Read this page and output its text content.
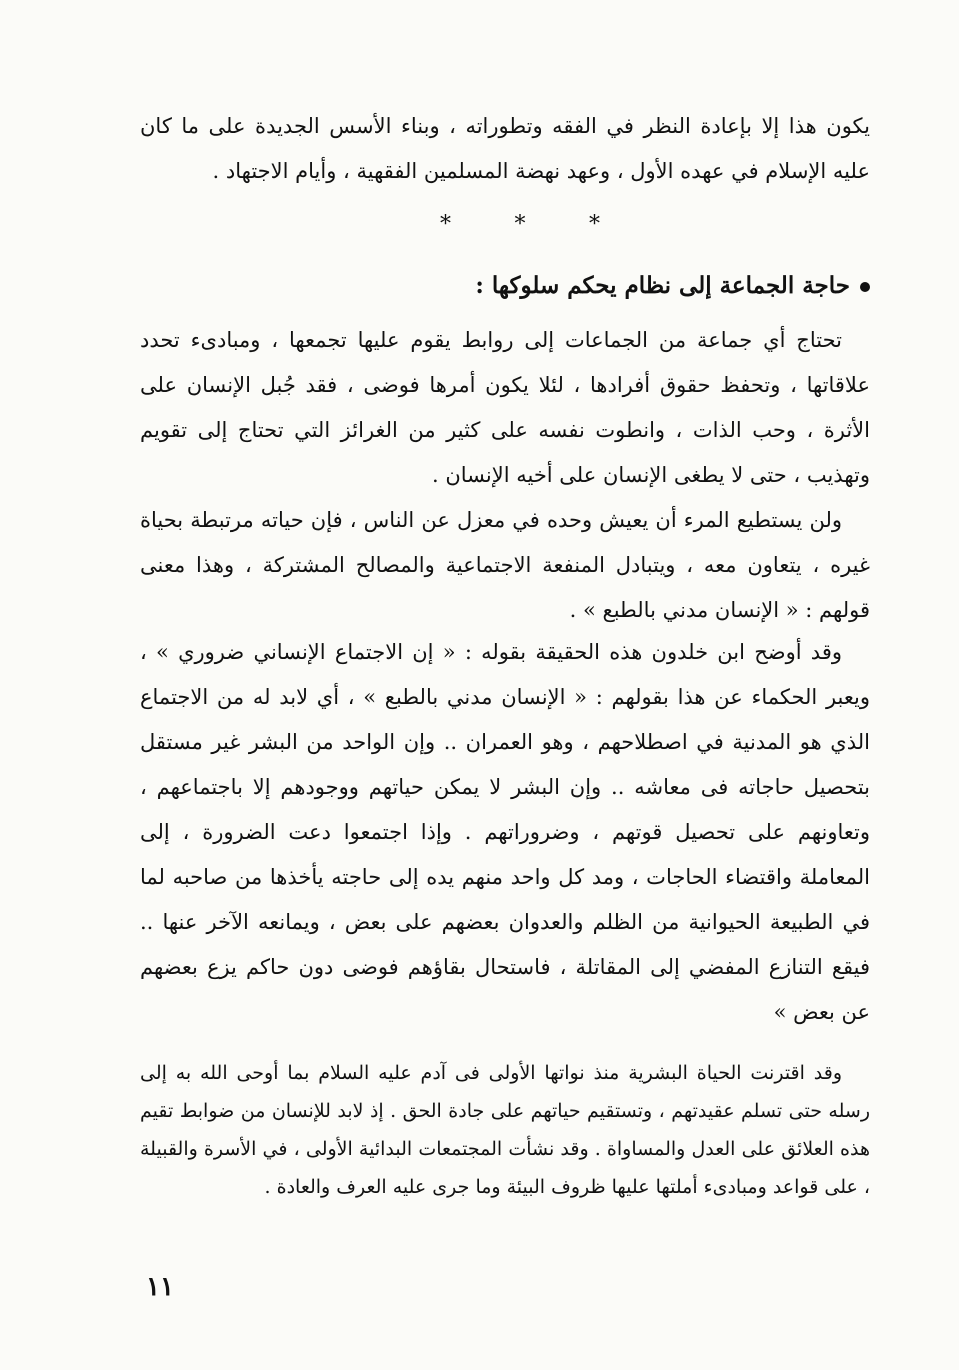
يكون هذا إلا بإعادة النظر في الفقه وتطوراته ، وبناء الأسس الجديدة على ما كان عليه الإسلام في عهده الأول ، وعهد نهضة المسلمين الفقهية ، وأيام الاجتهاد .

*	*	*
حاجة الجماعة إلى نظام يحكم سلوكها :

تحتاج أي جماعة من الجماعات إلى روابط يقوم عليها تجمعها ، ومبادىء تحدد علاقاتها ، وتحفظ حقوق أفرادها ، لئلا يكون أمرها فوضى ، فقد جُبل الإنسان على الأثرة ، وحب الذات ، وانطوت نفسه على كثير من الغرائز التي تحتاج إلى تقويم وتهذيب ، حتى لا يطغى الإنسان على أخيه الإنسان .

ولن يستطيع المرء أن يعيش وحده في معزل عن الناس ، فإن حياته مرتبطة بحياة غيره ، يتعاون معه ، ويتبادل المنفعة الاجتماعية والمصالح المشتركة ، وهذا معنى قولهم : « الإنسان مدني بالطبع » .

وقد أوضح ابن خلدون هذه الحقيقة بقوله : « إن الاجتماع الإنساني ضروري » ، ويعبر الحكماء عن هذا بقولهم : « الإنسان مدني بالطبع » ، أي لابد له من الاجتماع الذي هو المدنية في اصطلاحهم ، وهو العمران .. وإن الواحد من البشر غير مستقل بتحصيل حاجاته فى معاشه .. وإن البشر لا يمكن حياتهم ووجودهم إلا باجتماعهم ، وتعاونهم على تحصيل قوتهم ، وضروراتهم . وإذا اجتمعوا دعت الضرورة ، إلى المعاملة واقتضاء الحاجات ، ومد كل واحد منهم يده إلى حاجته يأخذها من صاحبه لما في الطبيعة الحيوانية من الظلم والعدوان بعضهم على بعض ، ويمانعه الآخر عنها .. فيقع التنازع المفضي إلى المقاتلة ، فاستحال بقاؤهم فوضى دون حاكم يزع بعضهم عن بعض »

وقد اقترنت الحياة البشرية منذ نواتها الأولى فى آدم عليه السلام بما أوحى الله به إلى رسله حتى تسلم عقيدتهم ، وتستقيم حياتهم على جادة الحق . إذ لابد للإنسان من ضوابط تقيم هذه العلائق على العدل والمساواة . وقد نشأت المجتمعات البدائية الأولى ، في الأسرة والقبيلة ، على قواعد ومبادىء أملتها عليها ظروف البيئة وما جرى عليه العرف والعادة .

١١
